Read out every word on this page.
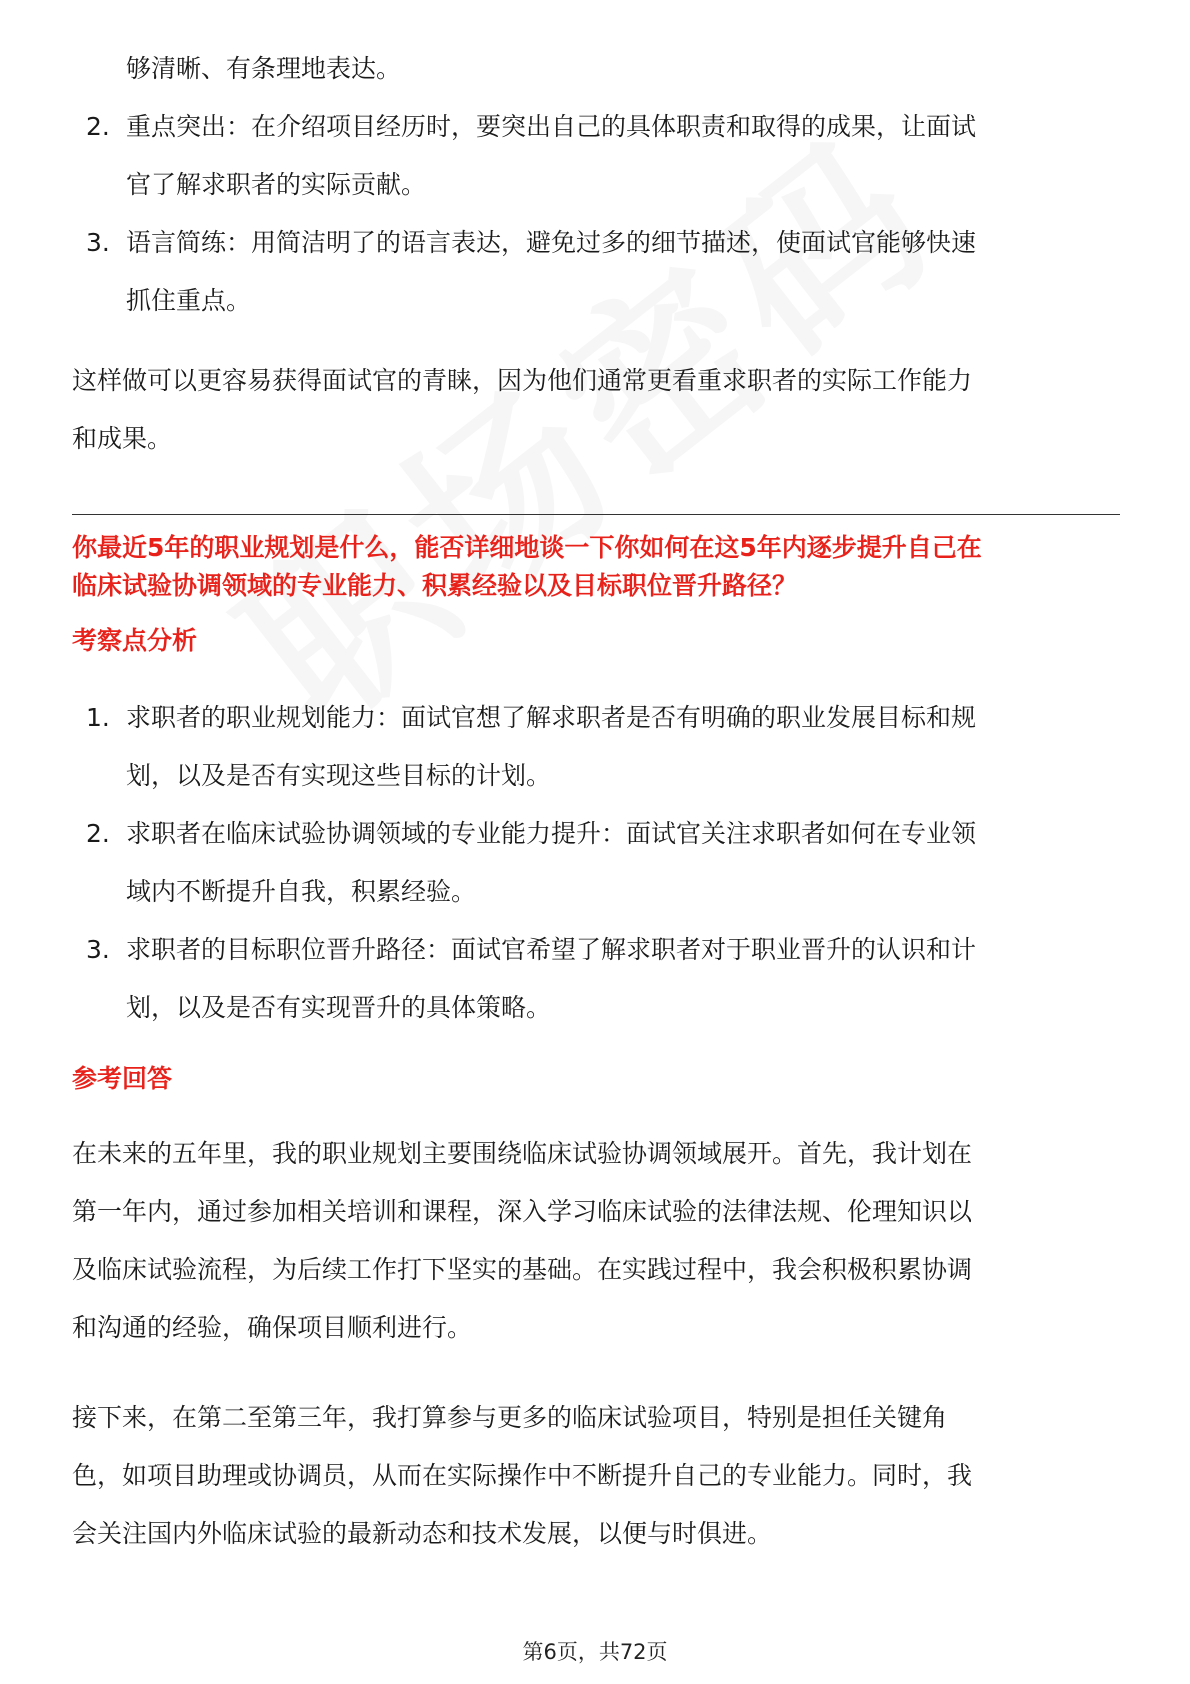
够清晰、有条理地表达。

2. 重点突出：在介绍项目经历时，要突出自己的具体职责和取得的成果，让面试
官了解求职者的实际贡献。
3. 语言简练：用简洁明了的语言表达，避免过多的细节描述，使面试官能够快速
抓住重点。

这样做可以更容易获得面试官的青睐，因为他们通常更看重求职者的实际工作能力

和成果。

你最近5年的职业规划是什么，能否详细地谈一下你如何在这5年内逐步提升自己在

临床试验协调领域的专业能力、积累经验以及目标职位晋升路径？

考察点分析

1. 求职者的职业规划能力：面试官想了解求职者是否有明确的职业发展目标和规
划，以及是否有实现这些目标的计划。
2. 求职者在临床试验协调领域的专业能力提升：面试官关注求职者如何在专业领
域内不断提升自我，积累经验。
3. 求职者的目标职位晋升路径：面试官希望了解求职者对于职业晋升的认识和计
划，以及是否有实现晋升的具体策略。

参考回答

在未来的五年里，我的职业规划主要围绕临床试验协调领域展开。首先，我计划在

第一年内，通过参加相关培训和课程，深入学习临床试验的法律法规、伦理知识以

及临床试验流程，为后续工作打下坚实的基础。在实践过程中，我会积极积累协调

和沟通的经验，确保项目顺利进行。

接下来，在第二至第三年，我打算参与更多的临床试验项目，特别是担任关键角

色，如项目助理或协调员，从而在实际操作中不断提升自己的专业能力。同时，我

会关注国内外临床试验的最新动态和技术发展，以便与时俱进。

第6页，共72页
